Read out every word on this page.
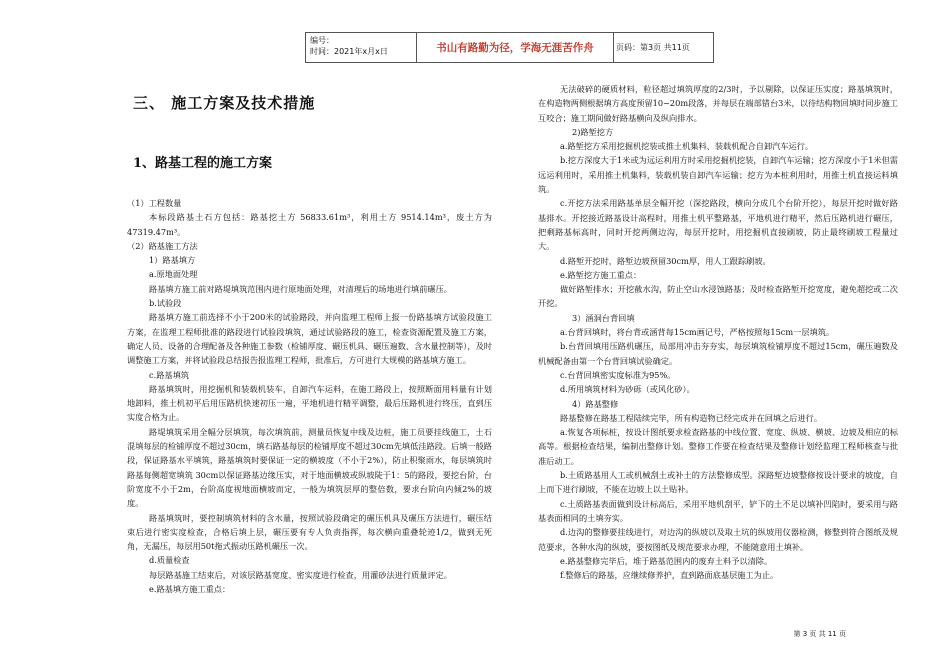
编号：
时间：2021年x月x日	书山有路勤为径，学海无涯苦作舟	页码：第3页 共11页
三、 施工方案及技术措施
1、路基工程的施工方案

（1）工程数量

本标段路基土石方包括：路基挖土方 56833.61m³，利用土方 9514.14m³，废土方为 47319.47m³。

（2）路基施工方法

1）路基填方

a.原地面处理

路基填方施工前对路堤填筑范围内进行原地面处理，对清理后的场地进行填前碾压。

b.试验段

路基填方施工前选择不小于200米的试验路段，并向监理工程师上报一份路基填方试验段施工方案，在监理工程师批准的路段进行试验段填筑，通过试验路段的施工，检查资源配置及施工方案，确定人员、设备的合理配备及各种施工参数（检铺厚度、碾压机具、碾压遍数、含水量控制等），及时调整施工方案，并将试验段总结报告报监理工程师，批准后，方可进行大规模的路基填方施工。

c.路基填筑

路基填筑时，用挖掘机和装载机装车，自卸汽车运料，在施工路段上，按照断面用料量有计划地卸料，推土机初平后用压路机快速初压一遍，平地机进行精平调整，最后压路机进行终压，直到压实度合格为止。

路堤填筑采用全幅分层填筑，每次填筑前，测量员恢复中线及边桩，施工员要挂线施工，土石混填每层的检铺厚度不超过30cm，填石路基每层的检铺厚度不超过30cm先填低洼路段。后填一般路段，保证路基水平填筑，路基填筑时要保证一定的横坡度（不小于2%），防止积聚雨水，每层填筑时路基每侧超宽填筑 30cm以保证路基边缘压实，对于地面横坡或纵坡陡于1：5的路段，要挖台阶，台阶宽度不小于2m，台阶高度视地面横坡而定，一般为填筑层厚的整倍数，要求台阶向内倾2%的坡度。

路基填筑时，要控制填筑材料的含水量，按照试验段确定的碾压机具及碾压方法进行，碾压结束后进行密实度检查，合格后填上层，碾压要有专人负责指挥，每次横向重叠轮迹1/2，做到无死角，无漏压，每层用50t拖式振动压路机碾压一次。

d.质量检查

每层路基施工结束后，对该层路基宽度、密实度进行检查，用灌砂法进行质量评定。

e.路基填方施工重点：

无法破碎的硬质材料，粒径超过填筑厚度的2/3时，予以剔除，以保证压实度；路基填筑时，在构造物两侧根据填方高度预留10~20m段落，并每层在端部错台3米，以待结构物回填时同步施工互咬合；施工期间做好路基横向及纵向排水。

2)路堑挖方

a.路堑挖方采用挖掘机挖装或推土机集料、装载机配合自卸汽车运行。

b.挖方深度大于1米或为远运利用方时采用挖掘机挖装，自卸汽车运输；挖方深度小于1米但需远运利用时，采用推土机集料，装载机装自卸汽车运输；挖方为本桩利用时，用推土机直接运料填筑。

c.开挖方法采用路基单层全幅开挖（深挖路段，横向分成几个台阶开挖），每层开挖时做好路基排水。开挖接近路基设计高程时，用推土机平整路基，平地机进行精平，然后压路机进行碾压，把剩路基标高时，同时开挖两侧边沟，每层开挖时，用挖掘机直接刷坡，防止最终刷坡工程量过大。

d.路堑开挖时，路堑边坡预留30cm厚，用人工跟踪刷坡。

e.路堑挖方施工重点：

做好路堑排水；开挖截水沟，防止空山水浸蚀路基；及时检查路堑开挖宽度，避免超挖或二次开挖。

3）涵洞台背回填

a.台背回填时，将台背或涵背每15cm画记号，严格按照每15cm一层填筑。

b.台背回填用压路机碾压，局部用冲击夯夯实，每层填筑检铺厚度不超过15cm，碾压遍数及机械配备由第一个台背回填试验确定。

c.台背回填密实度标准为95%。

d.所用填筑材料为砂砾（或风化砂）。

4）路基整修

路基整修在路基工程陆续完毕，所有构造物已经完成并在回填之后进行。

a.恢复各项标桩，按设计图纸要求检查路基的中线位置、宽度、纵坡、横坡、边坡及相应的标高等。根据检查结果，编制出整修计划。整修工作要在检查结果及整修计划经监理工程师核查与批准后动工。

b.土质路基用人工或机械刮土或补土的方法整修成型。深路堑边坡整修按设计要求的坡度，自上而下进行刷坡，不能在边坡上以土贴补。

c.土质路基表面做到设计标高后，采用平地机刮平，铲下的土不足以填补凹陷时，要采用与路基表面相同的土填夯实。

d.边沟的整修要挂线进行，对边沟的纵坡以及取土坑的纵坡用仪器检测，修整到符合图纸及规范要求，各种水沟的纵坡，要按图纸及规范要求办理，不能随意用土填补。

e.路基整修完毕后，堆于路基范围内的废弃土料予以清除。

f.整修后的路基，应继续修养护，直到路面底基层施工为止。

第 3 页 共 11 页
